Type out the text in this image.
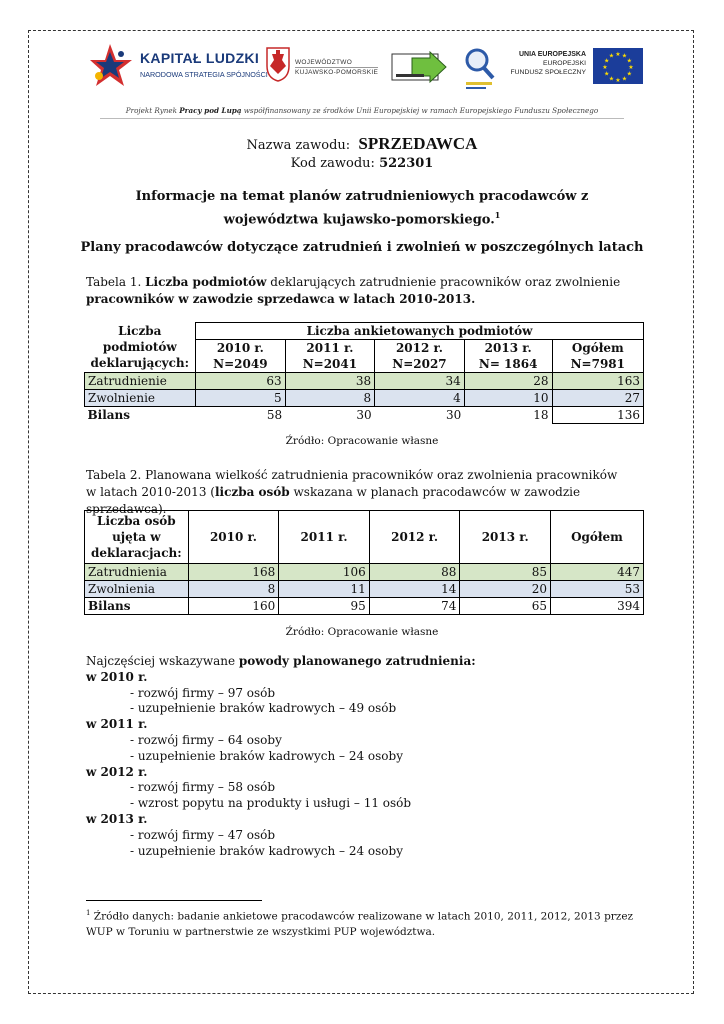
KAPITAŁ LUDZKI
NARODOWA STRATEGIA SPÓJNOŚCI
WOJEWÓDZTWO
KUJAWSKO-POMORSKIE
UNIA EUROPEJSKA
EUROPEJSKI
FUNDUSZ SPOŁECZNY
★ ★
★
★
★
★
★
★
★
★
★
★
Projekt Rynek Pracy pod Lupą współfinansowany ze środków Unii Europejskiej w ramach Europejskiego Funduszu Społecznego
Nazwa zawodu: SPRZEDAWCA
Kod zawodu: 522301
Informacje na temat planów zatrudnieniowych pracodawców z województwa kujawsko-pomorskiego.$^1$
Plany pracodawców dotyczące zatrudnień i zwolnień w poszczególnych latach
Tabela 1. Liczba podmiotów deklarujących zatrudnienie pracowników oraz zwolnienie pracowników w zawodzie sprzedawca w latach 2010-2013.
Liczba podmiotów deklarujących:	Liczba ankietowanych podmiotów				
	2010 r.	2011 r.	2012 r.	2013 r.	Ogółem
	N=2049	N=2041	N=2027	N= 1864	N=7981
Zatrudnienie	63	38	34	28	163
Zwolnienie	5	8	4	10	27
Bilans	58	30	30	18	136
Źródło: Opracowanie własne
Tabela 2. Planowana wielkość zatrudnienia pracowników oraz zwolnienia pracowników
w latach 2010-2013 (liczba osób wskazana w planach pracodawców w zawodzie sprzedawca).
Liczba osób ujęta w deklaracjach:	2010 r.	2011 r.	2012 r.	2013 r.	Ogółem
Zatrudnienia	168	106	88	85	447
Zwolnienia	8	11	14	20	53
Bilans	160	95	74	65	394
Źródło: Opracowanie własne
Najczęściej wskazywane powody planowanego zatrudnienia:
w 2010 r.
- rozwój firmy – 97 osób
- uzupełnienie braków kadrowych – 49 osób
w 2011 r.
- rozwój firmy – 64 osoby
- uzupełnienie braków kadrowych – 24 osoby
w 2012 r.
- rozwój firmy – 58 osób
- wzrost popytu na produkty i usługi – 11 osób
w 2013 r.
- rozwój firmy – 47 osób
- uzupełnienie braków kadrowych – 24 osoby
$^1$ Źródło danych: badanie ankietowe pracodawców realizowane w latach 2010, 2011, 2012, 2013 przez WUP w Toruniu w partnerstwie ze wszystkimi PUP województwa.
